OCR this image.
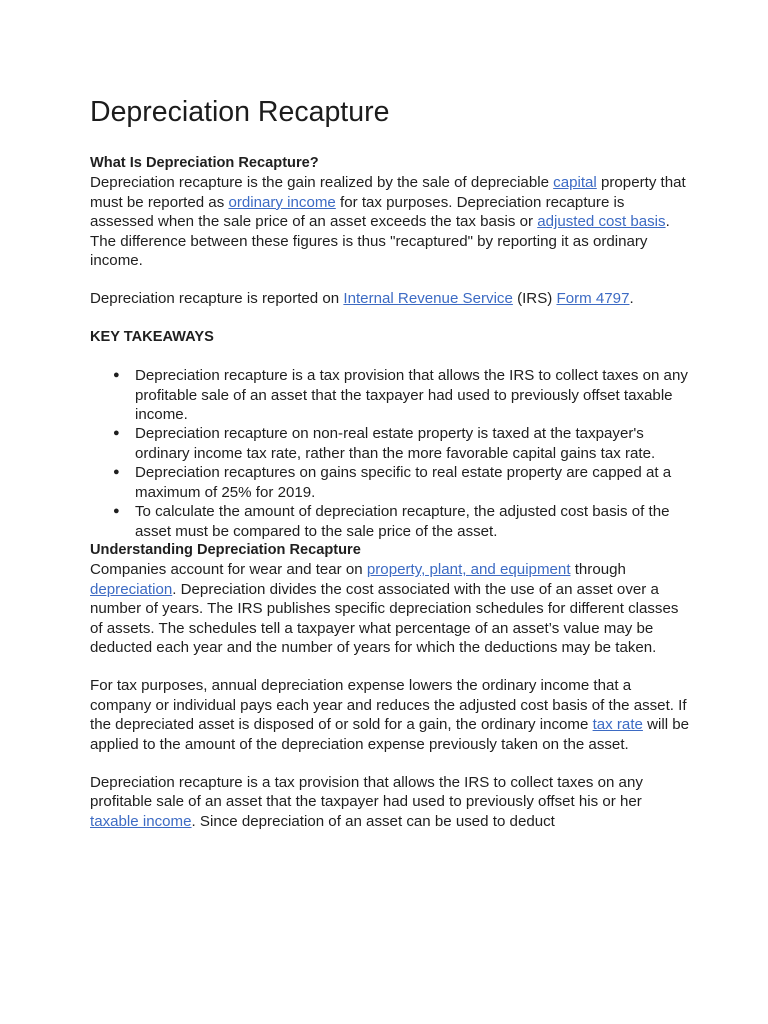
Depreciation Recapture
What Is Depreciation Recapture?

Depreciation recapture is the gain realized by the sale of depreciable capital property that must be reported as ordinary income for tax purposes. Depreciation recapture is assessed when the sale price of an asset exceeds the tax basis or adjusted cost basis. The difference between these figures is thus "recaptured" by reporting it as ordinary income.

Depreciation recapture is reported on Internal Revenue Service (IRS) Form 4797.

KEY TAKEAWAYS
● Depreciation recapture is a tax provision that allows the IRS to collect taxes on any profitable sale of an asset that the taxpayer had used to previously offset taxable income.
● Depreciation recapture on non-real estate property is taxed at the taxpayer's ordinary income tax rate, rather than the more favorable capital gains tax rate.
● Depreciation recaptures on gains specific to real estate property are capped at a maximum of 25% for 2019.
● To calculate the amount of depreciation recapture, the adjusted cost basis of the asset must be compared to the sale price of the asset.
Understanding Depreciation Recapture

Companies account for wear and tear on property, plant, and equipment through depreciation. Depreciation divides the cost associated with the use of an asset over a number of years. The IRS publishes specific depreciation schedules for different classes of assets. The schedules tell a taxpayer what percentage of an asset’s value may be deducted each year and the number of years for which the deductions may be taken.

For tax purposes, annual depreciation expense lowers the ordinary income that a company or individual pays each year and reduces the adjusted cost basis of the asset. If the depreciated asset is disposed of or sold for a gain, the ordinary income tax rate will be applied to the amount of the depreciation expense previously taken on the asset.

Depreciation recapture is a tax provision that allows the IRS to collect taxes on any profitable sale of an asset that the taxpayer had used to previously offset his or her taxable income. Since depreciation of an asset can be used to deduct
